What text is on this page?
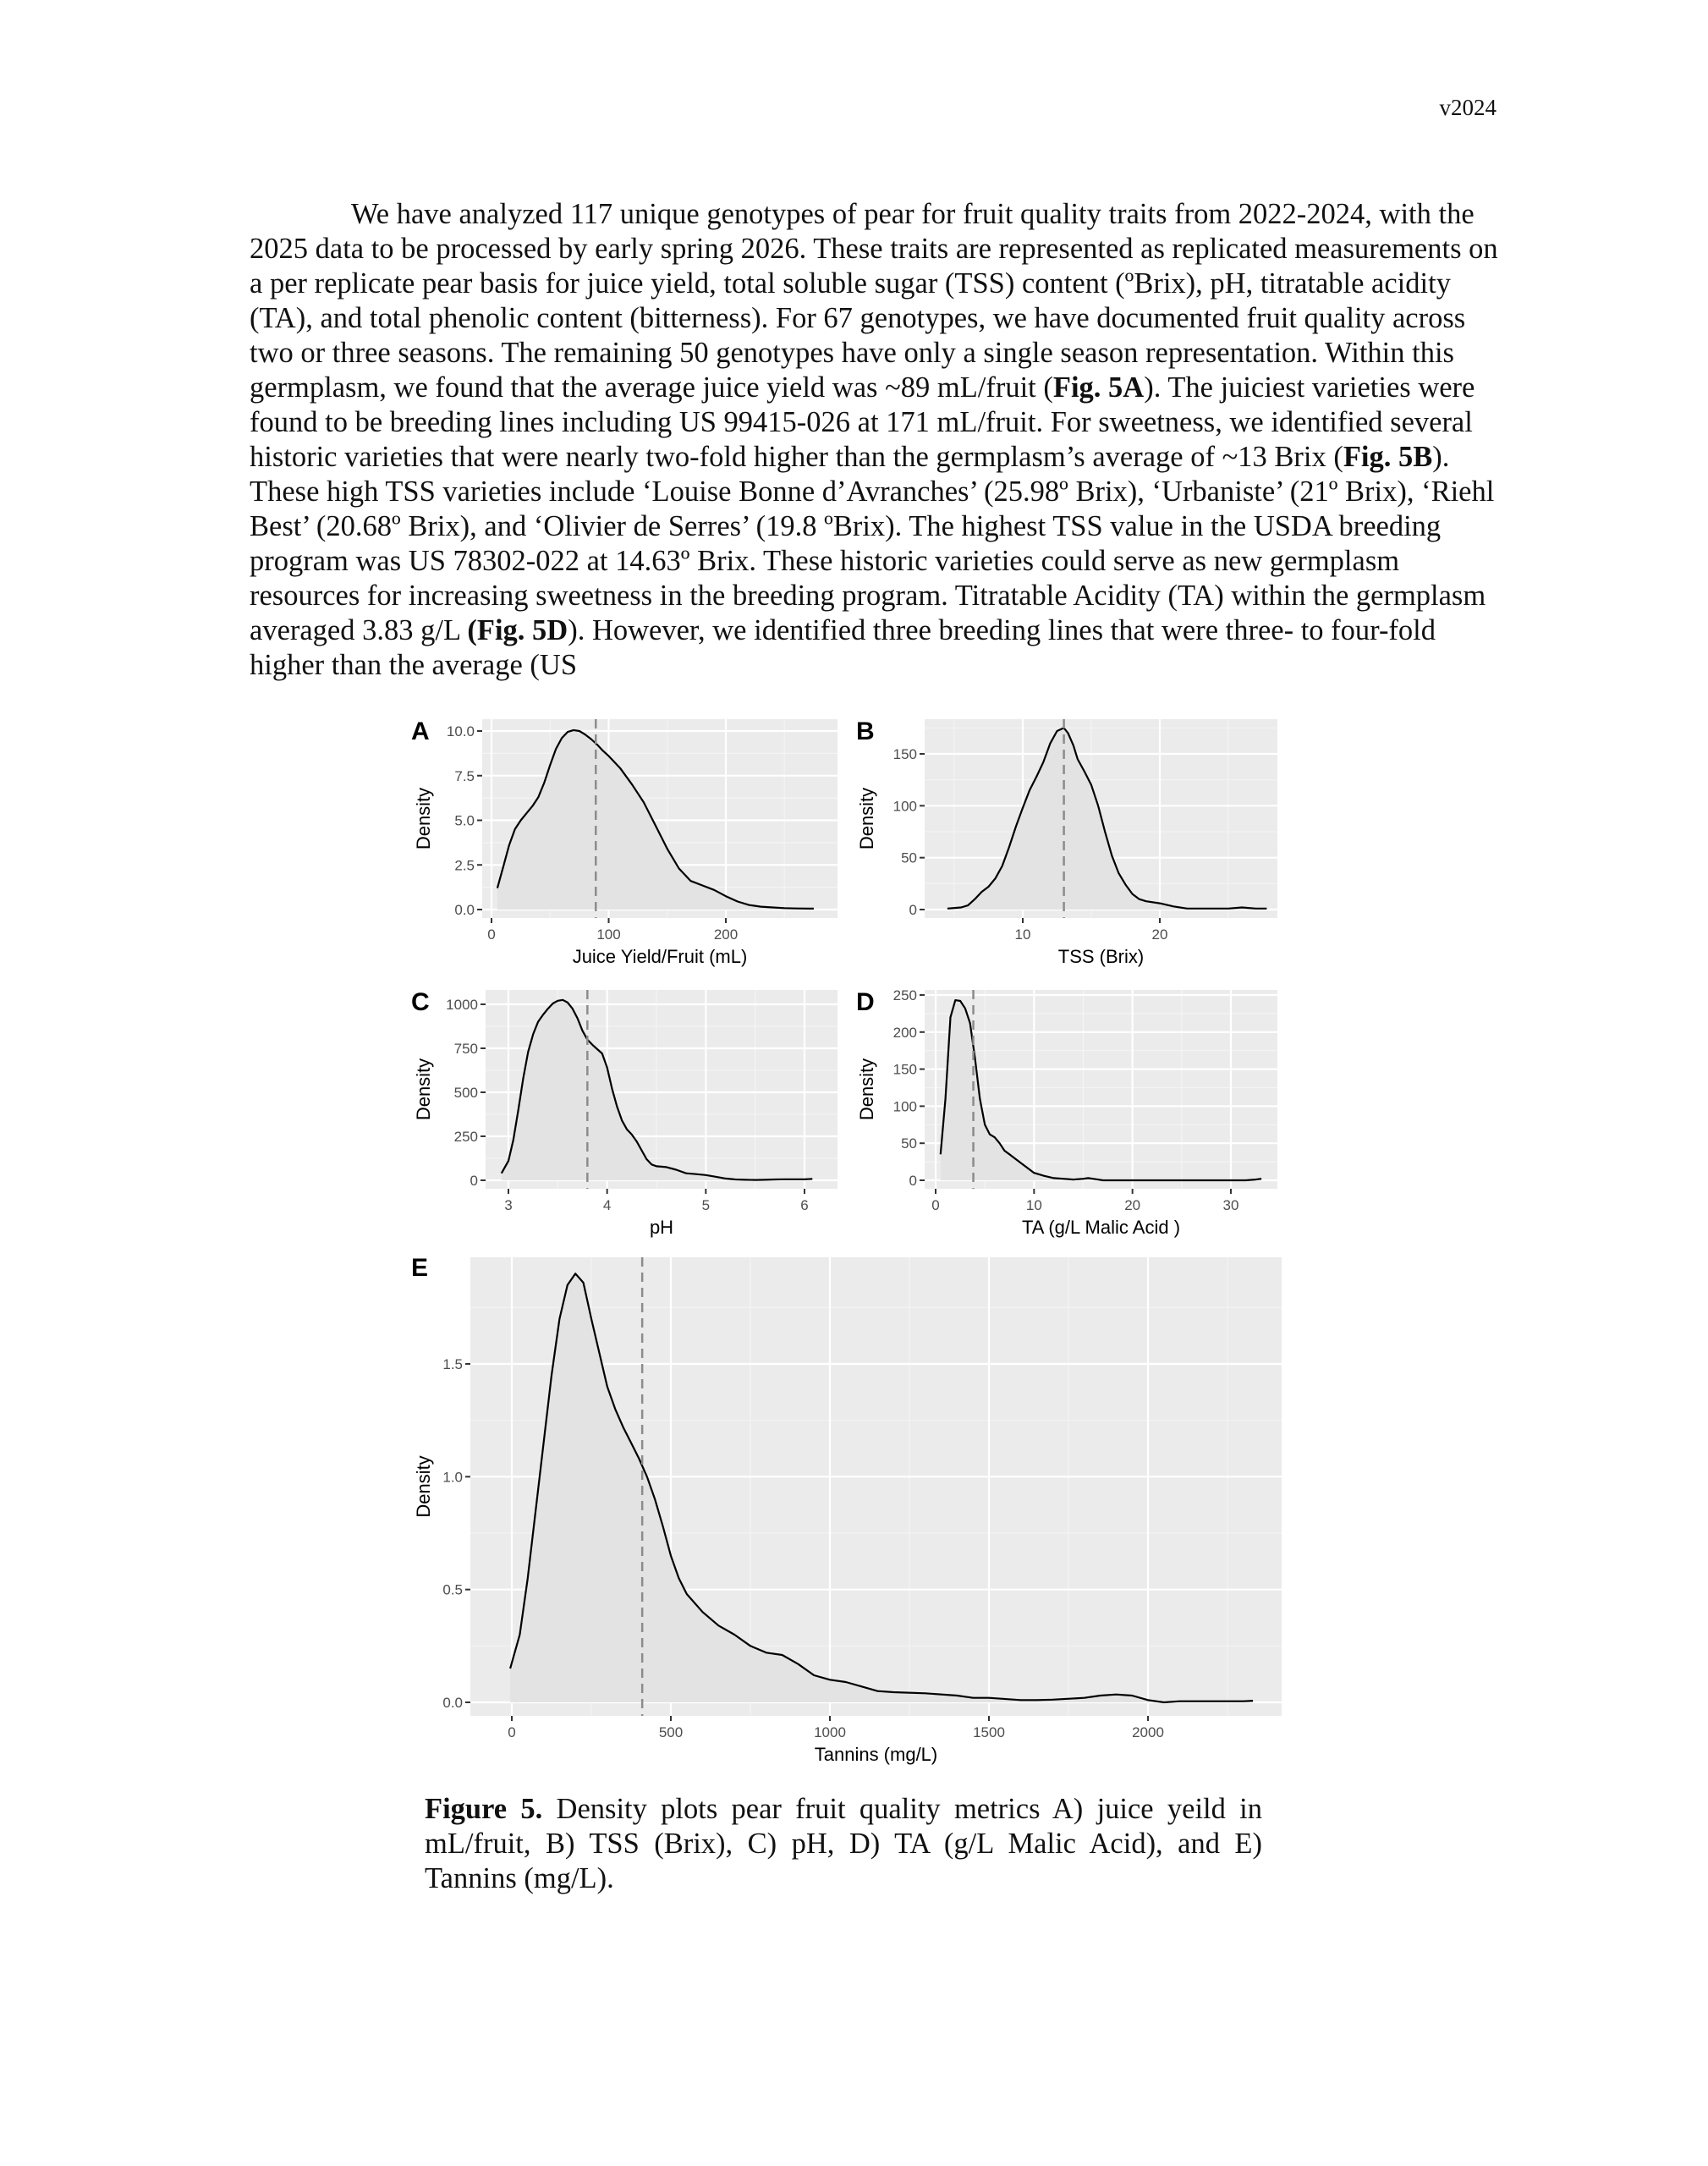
v2024

We have analyzed 117 unique genotypes of pear for fruit quality traits from 2022-2024, with the 2025 data to be processed by early spring 2026. These traits are represented as replicated measurements on a per replicate pear basis for juice yield, total soluble sugar (TSS) content (ºBrix), pH, titratable acidity (TA), and total phenolic content (bitterness). For 67 genotypes, we have documented fruit quality across two or three seasons. The remaining 50 genotypes have only a single season representation. Within this germplasm, we found that the average juice yield was ~89 mL/fruit (Fig. 5A). The juiciest varieties were found to be breeding lines including US 99415-026 at 171 mL/fruit. For sweetness, we identified several historic varieties that were nearly two-fold higher than the germplasm’s average of ~13 Brix (Fig. 5B). These high TSS varieties include ‘Louise Bonne d’Avranches’ (25.98º Brix), ‘Urbaniste’ (21º Brix), ‘Riehl Best’ (20.68º Brix), and ‘Olivier de Serres’ (19.8 ºBrix). The highest TSS value in the USDA breeding program was US 78302-022 at 14.63º Brix. These historic varieties could serve as new germplasm resources for increasing sweetness in the breeding program. Titratable Acidity (TA) within the germplasm averaged 3.83 g/L (Fig. 5D). However, we identified three breeding lines that were three- to four-fold higher than the average (US

0.0
2.5
5.0
7.5
10.0
0	100	200
Juice Yield/Fruit (mL)
Density
A
0
50
100
150
10	20
TSS (Brix)
Density
B
0
250
500
750
1000
3	4	5	6
pH
Density
C
0
50
100
150
200
250
0	10	20	30
TA (g/L Malic Acid )
Density
D
0.0
0.5
1.0
1.5
0	500	1000	1500	2000
Tannins (mg/L)
Density
E
Figure 5. Density plots pear fruit quality metrics A) juice yeild in mL/fruit, B) TSS (Brix), C) pH, D) TA (g/L Malic Acid), and E) Tannins (mg/L).
